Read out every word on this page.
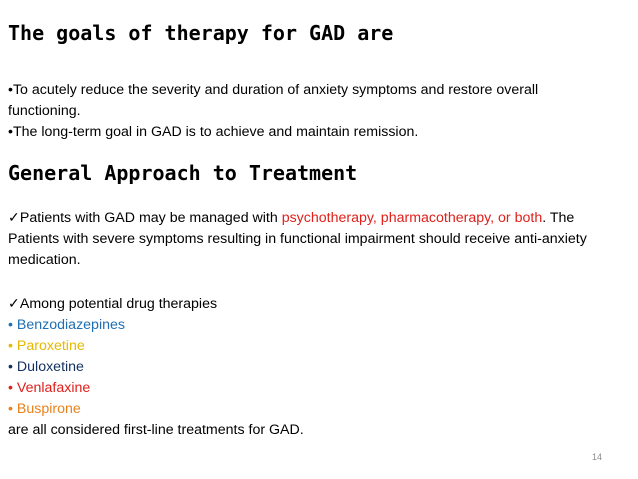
The goals of therapy for GAD are
•To acutely reduce the severity and duration of anxiety symptoms and restore overall functioning.
•The long-term goal in GAD is to achieve and maintain remission.
General Approach to Treatment
✓Patients with GAD may be managed with psychotherapy, pharmacotherapy, or both. The Patients with severe symptoms resulting in functional impairment should receive anti-anxiety medication.
✓Among potential drug therapies
• Benzodiazepines
• Paroxetine
• Duloxetine
• Venlafaxine
• Buspirone
are all considered first-line treatments for GAD.
14
